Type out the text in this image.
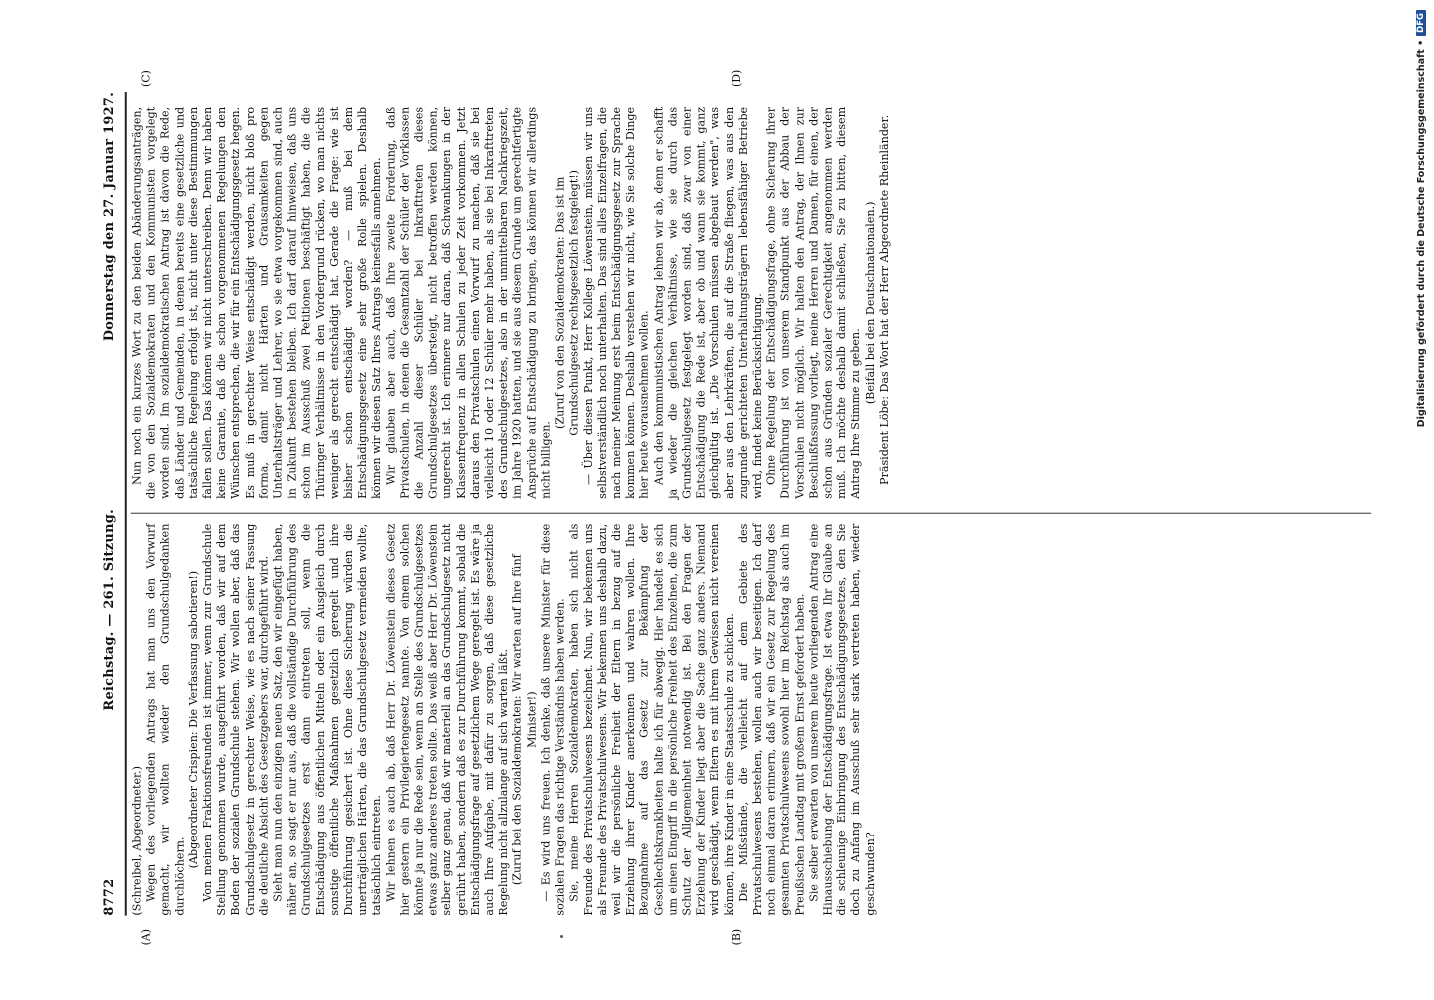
8772
Reichstag. — 261. Sitzung.
Donnerstag den 27. Januar 1927.

(Schreibel, Abgeordneter.) Wegen des vorliegenden Antrags hat man uns den Vorwurf gemacht, wir wollten wieder den Grundschulgedanken durchlöchern.

(Abgeordneter Crispien: Die Verfassung sabotieren!) Von meinen Fraktionsfreunden ist immer, wenn zur Grundschule Stellung genommen wurde, ausgeführt worden, daß wir auf dem Boden der sozialen Grundschule stehen. Wir wollen aber, daß das Grundschulgesetz in gerechter Weise, wie es nach seiner Fassung die deutliche Absicht des Gesetzgebers war, durchgeführt wird. Sieht man nun den einzigen neuen Satz, den wir eingefügt haben, näher an, so sagt er nur aus, daß die vollständige Durchführung des Grundschulgesetzes erst dann eintreten soll, wenn die Entschädigung aus öffentlichen Mitteln oder ein Ausgleich durch sonstige öffentliche Maßnahmen gesetzlich geregelt und ihre Durchführung gesichert ist. Ohne diese Sicherung würden die unerträglichen Härten, die das Grundschulgesetz vermeiden wollte, tatsächlich eintreten. Wir lehnen es auch ab, daß Herr Dr. Löwenstein dieses Gesetz hier gestern ein Privilegiertengesetz nannte. Von einem solchen könnte ja nur die Rede sein, wenn an Stelle des Grundschulgesetzes etwas ganz anderes treten sollte. Das weiß aber Herr Dr. Löwenstein selber ganz genau, daß wir materiell an das Grundschulgesetz nicht gerührt haben, sondern daß es zur Durchführung kommt, sobald die Entschädigungsfrage auf gesetzlichem Wege geregelt ist. Es wäre ja auch Ihre Aufgabe, mit dafür zu sorgen, daß diese gesetzliche Regelung nicht allzulange auf sich warten läßt. (Zuruf bei den Sozialdemokraten: Wir warten auf Ihre fünf Minister!) — Es wird uns freuen. Ich denke, daß unsere Minister für diese sozialen Fragen das richtige Verständnis haben werden. Sie, meine Herren Sozialdemokraten, haben sich nicht als Freunde des Privatschulwesens bezeichnet. Nun, wir bekennen uns als Freunde des Privatschulwesens. Wir bekennen uns deshalb dazu, weil wir die persönliche Freiheit der Eltern in bezug auf die Erziehung ihrer Kinder anerkennen und wahren wollen. Ihre Bezugnahme auf das Gesetz zur Bekämpfung der Geschlechtskrankheiten halte ich für abwegig. Hier handelt es sich um einen Eingriff in die persönliche Freiheit des Einzelnen, die zum Schutz der Allgemeinheit notwendig ist. Bei den Fragen der Erziehung der Kinder liegt aber die Sache ganz anders. Niemand wird geschädigt, wenn Eltern es mit ihrem Gewissen nicht vereinen können, ihre Kinder in eine Staatsschule zu schicken. Die Mißstände, die vielleicht auf dem Gebiete des Privatschulwesens bestehen, wollen auch wir beseitigen. Ich darf noch einmal daran erinnern, daß wir ein Gesetz zur Regelung des gesamten Privatschulwesens sowohl hier im Reichstag als auch im Preußischen Landtag mit großem Ernst gefordert haben. Sie selber erwarten von unserem heute vorliegenden Antrag eine Hinausschiebung der Entschädigungsfrage. Ist etwa Ihr Glaube an die schleunige Einbringung des Entschädigungsgesetzes, den Sie doch zu Anfang im Ausschuß sehr stark vertreten haben, wieder geschwunden?

Nun noch ein kurzes Wort zu den beiden Abänderungsanträgen, die von den Sozialdemokraten und den Kommunisten vorgelegt worden sind. Im sozialdemokratischen Antrag ist davon die Rede, daß Länder und Gemeinden, in denen bereits eine gesetzliche und tatsächliche Regelung erfolgt ist, nicht unter diese Bestimmungen fallen sollen. Das können wir nicht unterschreiben. Denn wir haben keine Garantie, daß die schon vorgenommenen Regelungen den Wünschen entsprechen, die wir für ein Entschädigungsgesetz hegen. Es muß in gerechter Weise entschädigt werden, nicht bloß pro forma, damit nicht Härten und Grausamkeiten gegen Unterhaltsträger und Lehrer, wo sie etwa vorgekommen sind, auch in Zukunft bestehen bleiben. Ich darf darauf hinweisen, daß uns schon im Ausschuß zwei Petitionen beschäftigt haben, die die Thüringer Verhältnisse in den Vordergrund rücken, wo man nichts weniger als gerecht entschädigt hat. Gerade die Frage: wie ist bisher schon entschädigt worden? — muß bei dem Entschädigungsgesetz eine sehr große Rolle spielen. Deshalb können wir diesen Satz Ihres Antrags keinesfalls annehmen. Wir glauben aber auch, daß Ihre zweite Forderung, daß Privatschulen, in denen die Gesamtzahl der Schüler der Vorklassen die Anzahl dieser Schüler bei Inkrafttreten dieses Grundschulgesetzes übersteigt, nicht betroffen werden können, ungerecht ist. Ich erinnere nur daran, daß Schwankungen in der Klassenfrequenz in allen Schulen zu jeder Zeit vorkommen. Jetzt daraus den Privatschulen einen Vorwurf zu machen, daß sie bei vielleicht 10 oder 12 Schüler mehr haben, als sie bei Inkrafttreten des Grundschulgesetzes, also in der unmittelbaren Nachkriegszeit, im Jahre 1920 hatten, und sie aus diesem Grunde um gerechtfertigte Ansprüche auf Entschädigung zu bringen, das können wir allerdings nicht billigen.

(Zuruf von den Sozialdemokraten: Das ist im Grundschulgesetz rechtsgesetzlich festgelegt!) — Über diesen Punkt, Herr Kollege Löwenstein, müssen wir uns selbstverständlich noch unterhalten. Das sind alles Einzelfragen, die nach meiner Meinung erst beim Entschädigungsgesetz zur Sprache kommen können. Deshalb verstehen wir nicht, wie Sie solche Dinge hier heute vorausnehmen wollen. Auch den kommunistischen Antrag lehnen wir ab, denn er schafft ja wieder die gleichen Verhältnisse, wie sie durch das Grundschulgesetz festgelegt worden sind, daß zwar von einer Entschädigung die Rede ist, aber ob und wann sie kommt, ganz gleichgültig ist. „Die Vorschulen müssen abgebaut werden", was aber aus den Lehrkräften, die auf die Straße fliegen, was aus den zugrunde gerichteten Unterhaltungsträgern lebensfähiger Betriebe wird, findet keine Berücksichtigung. Ohne Regelung der Entschädigungsfrage, ohne Sicherung ihrer Durchführung ist von unserem Standpunkt aus der Abbau der Vorschulen nicht möglich. Wir halten den Antrag, der Ihnen zur Beschlußfassung vorliegt, meine Herren und Damen, für einen, der schon aus Gründen sozialer Gerechtigkeit angenommen werden muß. Ich möchte deshalb damit schließen, Sie zu bitten, diesem Antrag Ihre Stimme zu geben.

(Beifall bei den Deutschnationalen.) Präsident Löbe: Das Wort hat der Herr Abgeordnete Rheinländer.

(A)	(B)
(C)	(D)	Digitalisierung gefördert durch die Deutsche Forschungsgemeinschaft •
DFG
